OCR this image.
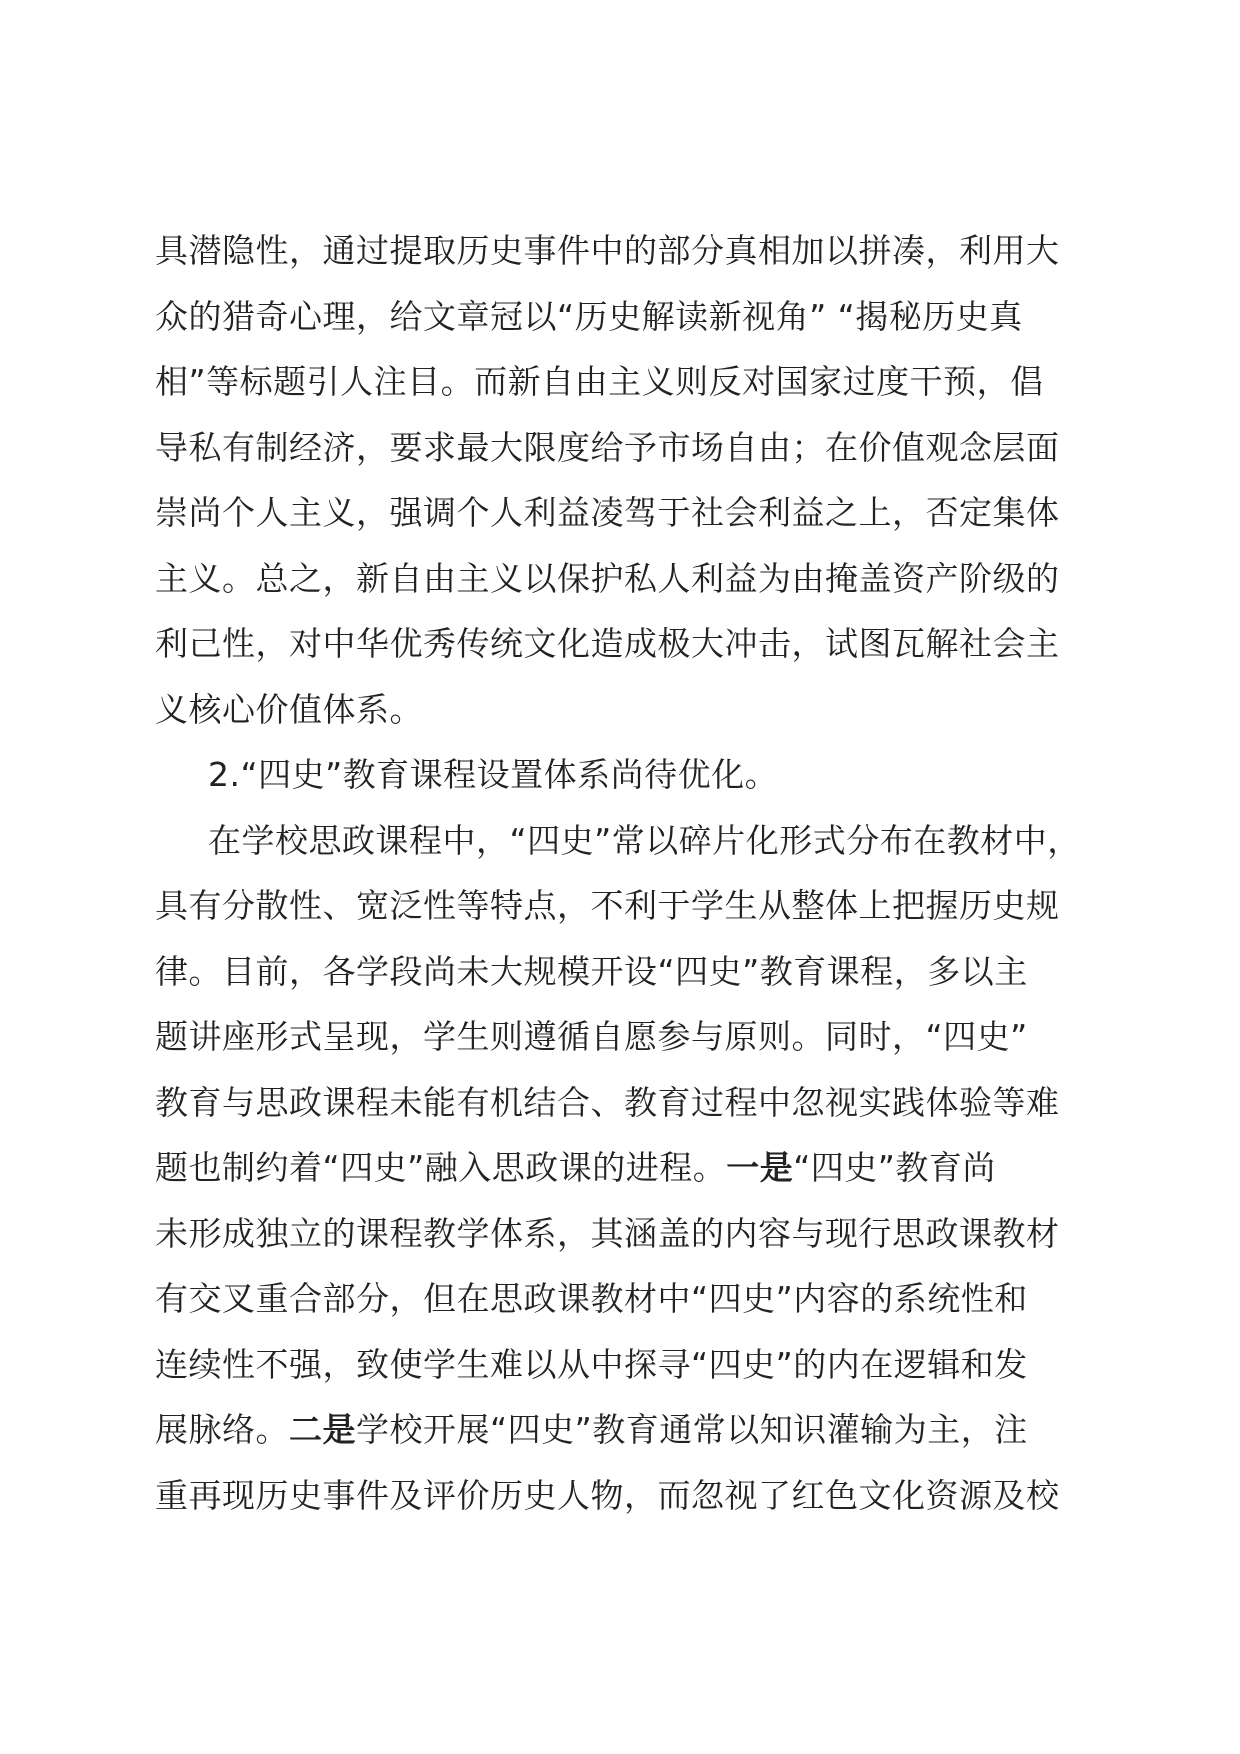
具潜隐性，通过提取历史事件中的部分真相加以拼凑，利用大
众的猎奇心理，给文章冠以“历史解读新视角” “揭秘历史真
相”等标题引人注目。而新自由主义则反对国家过度干预，倡
导私有制经济，要求最大限度给予市场自由；在价值观念层面
崇尚个人主义，强调个人利益凌驾于社会利益之上，否定集体
主义。总之，新自由主义以保护私人利益为由掩盖资产阶级的
利己性，对中华优秀传统文化造成极大冲击，试图瓦解社会主
义核心价值体系。
2.“四史”教育课程设置体系尚待优化。
在学校思政课程中，“四史”常以碎片化形式分布在教材中，
具有分散性、宽泛性等特点，不利于学生从整体上把握历史规
律。目前，各学段尚未大规模开设“四史”教育课程，多以主
题讲座形式呈现，学生则遵循自愿参与原则。同时，“四史”
教育与思政课程未能有机结合、教育过程中忽视实践体验等难
题也制约着“四史”融入思政课的进程。一是“四史”教育尚
未形成独立的课程教学体系，其涵盖的内容与现行思政课教材
有交叉重合部分，但在思政课教材中“四史”内容的系统性和
连续性不强，致使学生难以从中探寻“四史”的内在逻辑和发
展脉络。二是学校开展“四史”教育通常以知识灌输为主，注
重再现历史事件及评价历史人物，而忽视了红色文化资源及校
